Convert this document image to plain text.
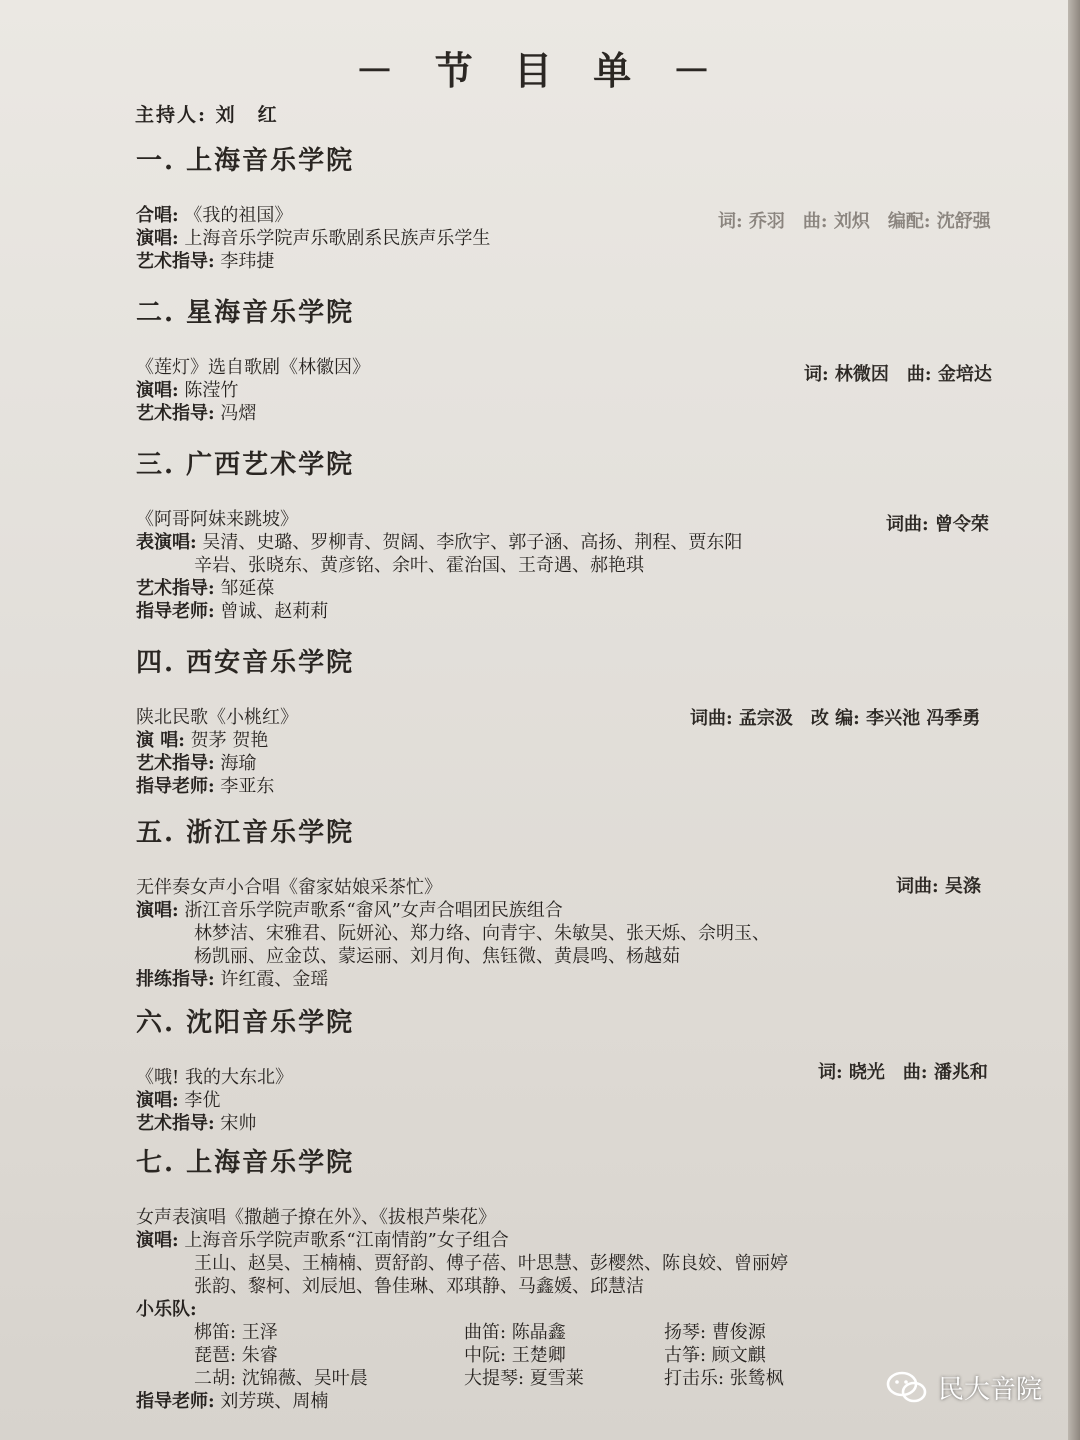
－ 节 目 单 －
主持人: 刘　红
一. 上海音乐学院
合唱: 《我的祖国》
演唱: 上海音乐学院声乐歌剧系民族声乐学生
艺术指导: 李玮捷
词: 乔羽　曲: 刘炽　编配: 沈舒强
二. 星海音乐学院
《莲灯》选自歌剧《林徽因》
演唱: 陈滢竹
艺术指导: 冯熠
词: 林微因　曲: 金培达
三. 广西艺术学院
《阿哥阿妹来跳坡》
表演唱: 吴清、史璐、罗柳青、贺阔、李欣宇、郭子涵、高扬、荆程、贾东阳
辛岩、张晓东、黄彦铭、余叶、霍治国、王奇遇、郝艳琪
艺术指导: 邹延葆
指导老师: 曾诚、赵莉莉
词曲: 曾令荣
四. 西安音乐学院
陕北民歌《小桃红》
演 唱: 贺茅 贺艳
艺术指导: 海瑜
指导老师: 李亚东
词曲: 孟宗汲　改 编: 李兴池 冯季勇
五. 浙江音乐学院
无伴奏女声小合唱《畲家姑娘采茶忙》
演唱: 浙江音乐学院声歌系“畲风”女声合唱团民族组合
林梦洁、宋雅君、阮妍沁、郑力络、向青宇、朱敏昊、张天烁、佘明玉、
杨凯丽、应金苡、蒙运丽、刘月侚、焦钰微、黄晨鸣、杨越茹
排练指导: 许红霞、金瑶
词曲: 吴涤
六. 沈阳音乐学院
《哦! 我的大东北》
演唱: 李优
艺术指导: 宋帅
词: 晓光　曲: 潘兆和
七. 上海音乐学院
女声表演唱《撒趟子撩在外》、《拔根芦柴花》
演唱: 上海音乐学院声歌系“江南情韵”女子组合
王山、赵昊、王楠楠、贾舒韵、傅子蓓、叶思慧、彭樱然、陈良姣、曾丽婷
张韵、黎柯、刘辰旭、鲁佳琳、邓琪静、马鑫媛、邱慧洁
小乐队:
梆笛: 王泽	曲笛: 陈晶鑫	扬琴: 曹俊源
琵琶: 朱睿	中阮: 王楚卿	古筝: 顾文麒
二胡: 沈锦薇、吴叶晨	大提琴: 夏雪莱	打击乐: 张鸶枫
指导老师: 刘芳瑛、周楠	民大音院
